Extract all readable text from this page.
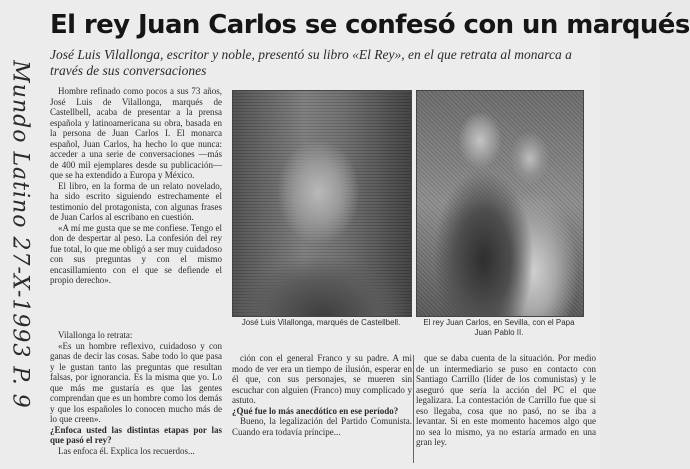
Mundo Latino 27-X-1993 P. 9
El rey Juan Carlos se confesó con un marqués
José Luis Vilallonga, escritor y noble, presentó su libro «El Rey», en el que retrata al monarca a través de sus conversaciones

Hombre refinado como pocos a sus 73 años, José Luis de Vilallonga, marqués de Castellbell, acaba de presentar a la prensa española y latinoamericana su obra, basada en la persona de Juan Carlos I. El monarca español, Juan Carlos, ha hecho lo que nunca: acceder a una serie de conversaciones —más de 400 mil ejemplares desde su publicación— que se ha extendido a Europa y México.

El libro, en la forma de un relato novelado, ha sido escrito siguiendo estrechamente el testimonio del protagonista, con algunas frases de Juan Carlos al escribano en cuestión.

«A mí me gusta que se me confiese. Tengo el don de despertar al peso. La confesión del rey fue total, lo que me obligó a ser muy cuidadoso con sus preguntas y con el mismo encasillamiento con el que se defiende el propio derecho».

Vilallonga lo retrata:

«Es un hombre reflexivo, cuidadoso y con ganas de decir las cosas. Sabe todo lo que pasa y le gustan tanto las preguntas que resultan falsas, por ignorancia. Es la misma que yo. Lo que más me gustaría es que las gentes comprendan que es un hombre como los demás y que los españoles lo conocen mucho más de lo que creen».

¿Enfoca usted las distintas etapas por las que pasó el rey?

Las enfoca él. Explica los recuerdos...

José Luis Vilallonga, marqués de Castellbell.	El rey Juan Carlos, en Sevilla, con el Papa Juan Pablo II.

ción con el general Franco y su padre. A mi modo de ver era un tiempo de ilusión, esperar en él que, con sus personajes, se mueren sin escuchar con alguien (Franco) muy complicado y astuto.

¿Qué fue lo más anecdótico en ese período?

Bueno, la legalización del Partido Comunista. Cuando era todavía príncipe...

que se daba cuenta de la situación. Por medio de un intermediario se puso en contacto con Santiago Carrillo (líder de los comunistas) y le aseguró que sería la acción del PC el que legalizara. La contestación de Carrillo fue que si eso llegaba, cosa que no pasó, no se iba a levantar. Si en este momento hacemos algo que no sea lo mismo, ya no estaría armado en una gran ley.
